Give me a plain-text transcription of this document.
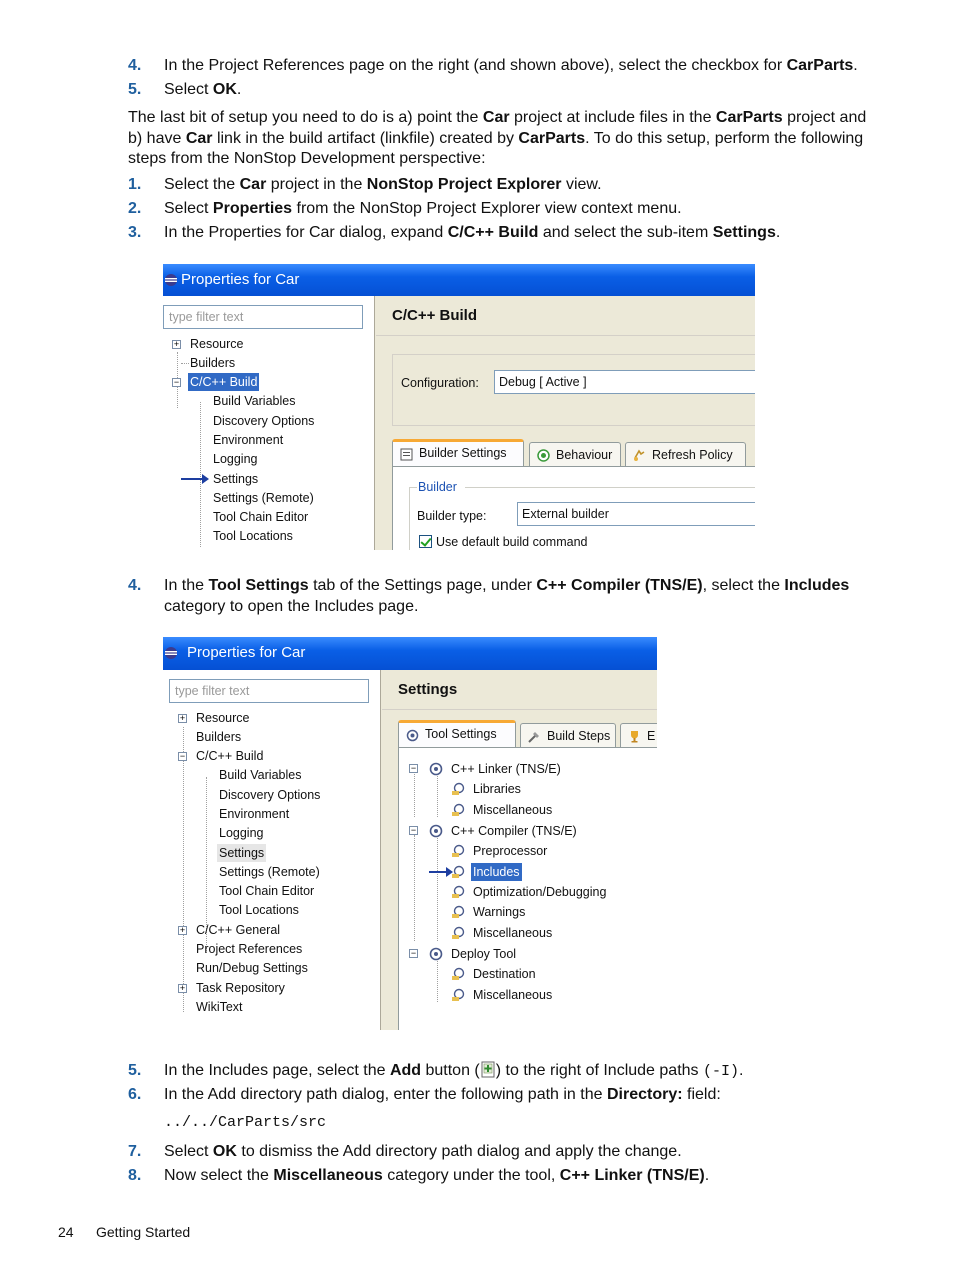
4. In the Project References page on the right (and shown above), select the checkbox for CarParts.
5. Select OK.
The last bit of setup you need to do is a) point the Car project at include files in the CarParts project and b) have Car link in the build artifact (linkfile) created by CarParts. To do this setup, perform the following steps from the NonStop Development perspective:
1. Select the Car project in the NonStop Project Explorer view.
2. Select Properties from the NonStop Project Explorer view context menu.
3. In the Properties for Car dialog, expand C/C++ Build and select the sub-item Settings.
Properties for Car
type filter text
+ Resource
Builders
− C/C++ Build
Build Variables
Discovery Options
Environment
Logging
Settings
Settings (Remote)
Tool Chain Editor
Tool Locations
C/C++ Build
Configuration:	Debug [ Active ]
Builder Settings	Behaviour	Refresh Policy
Builder
Builder type:	External builder
Use default build command
4. In the Tool Settings tab of the Settings page, under C++ Compiler (TNS/E), select the Includes
category to open the Includes page.
Properties for Car
type filter text
+ Resource
Builders
− C/C++ Build
Build Variables
Discovery Options
Environment
Logging
Settings
Settings (Remote)
Tool Chain Editor
Tool Locations
+ C/C++ General
Project References
Run/Debug Settings
+ Task Repository
WikiText
Settings
Tool Settings	Build Steps	E
−	C++ Linker (TNS/E)
Libraries
Miscellaneous
−	C++ Compiler (TNS/E)
Preprocessor
Includes
Optimization/Debugging
Warnings
Miscellaneous
−	Deploy Tool
Destination
Miscellaneous
5. In the Includes page, select the Add button ( ) to the right of Include paths (-I).
6. In the Add directory path dialog, enter the following path in the Directory: field:
../../CarParts/src
7. Select OK to dismiss the Add directory path dialog and apply the change.
8. Now select the Miscellaneous category under the tool, C++ Linker (TNS/E).
24 Getting Started
